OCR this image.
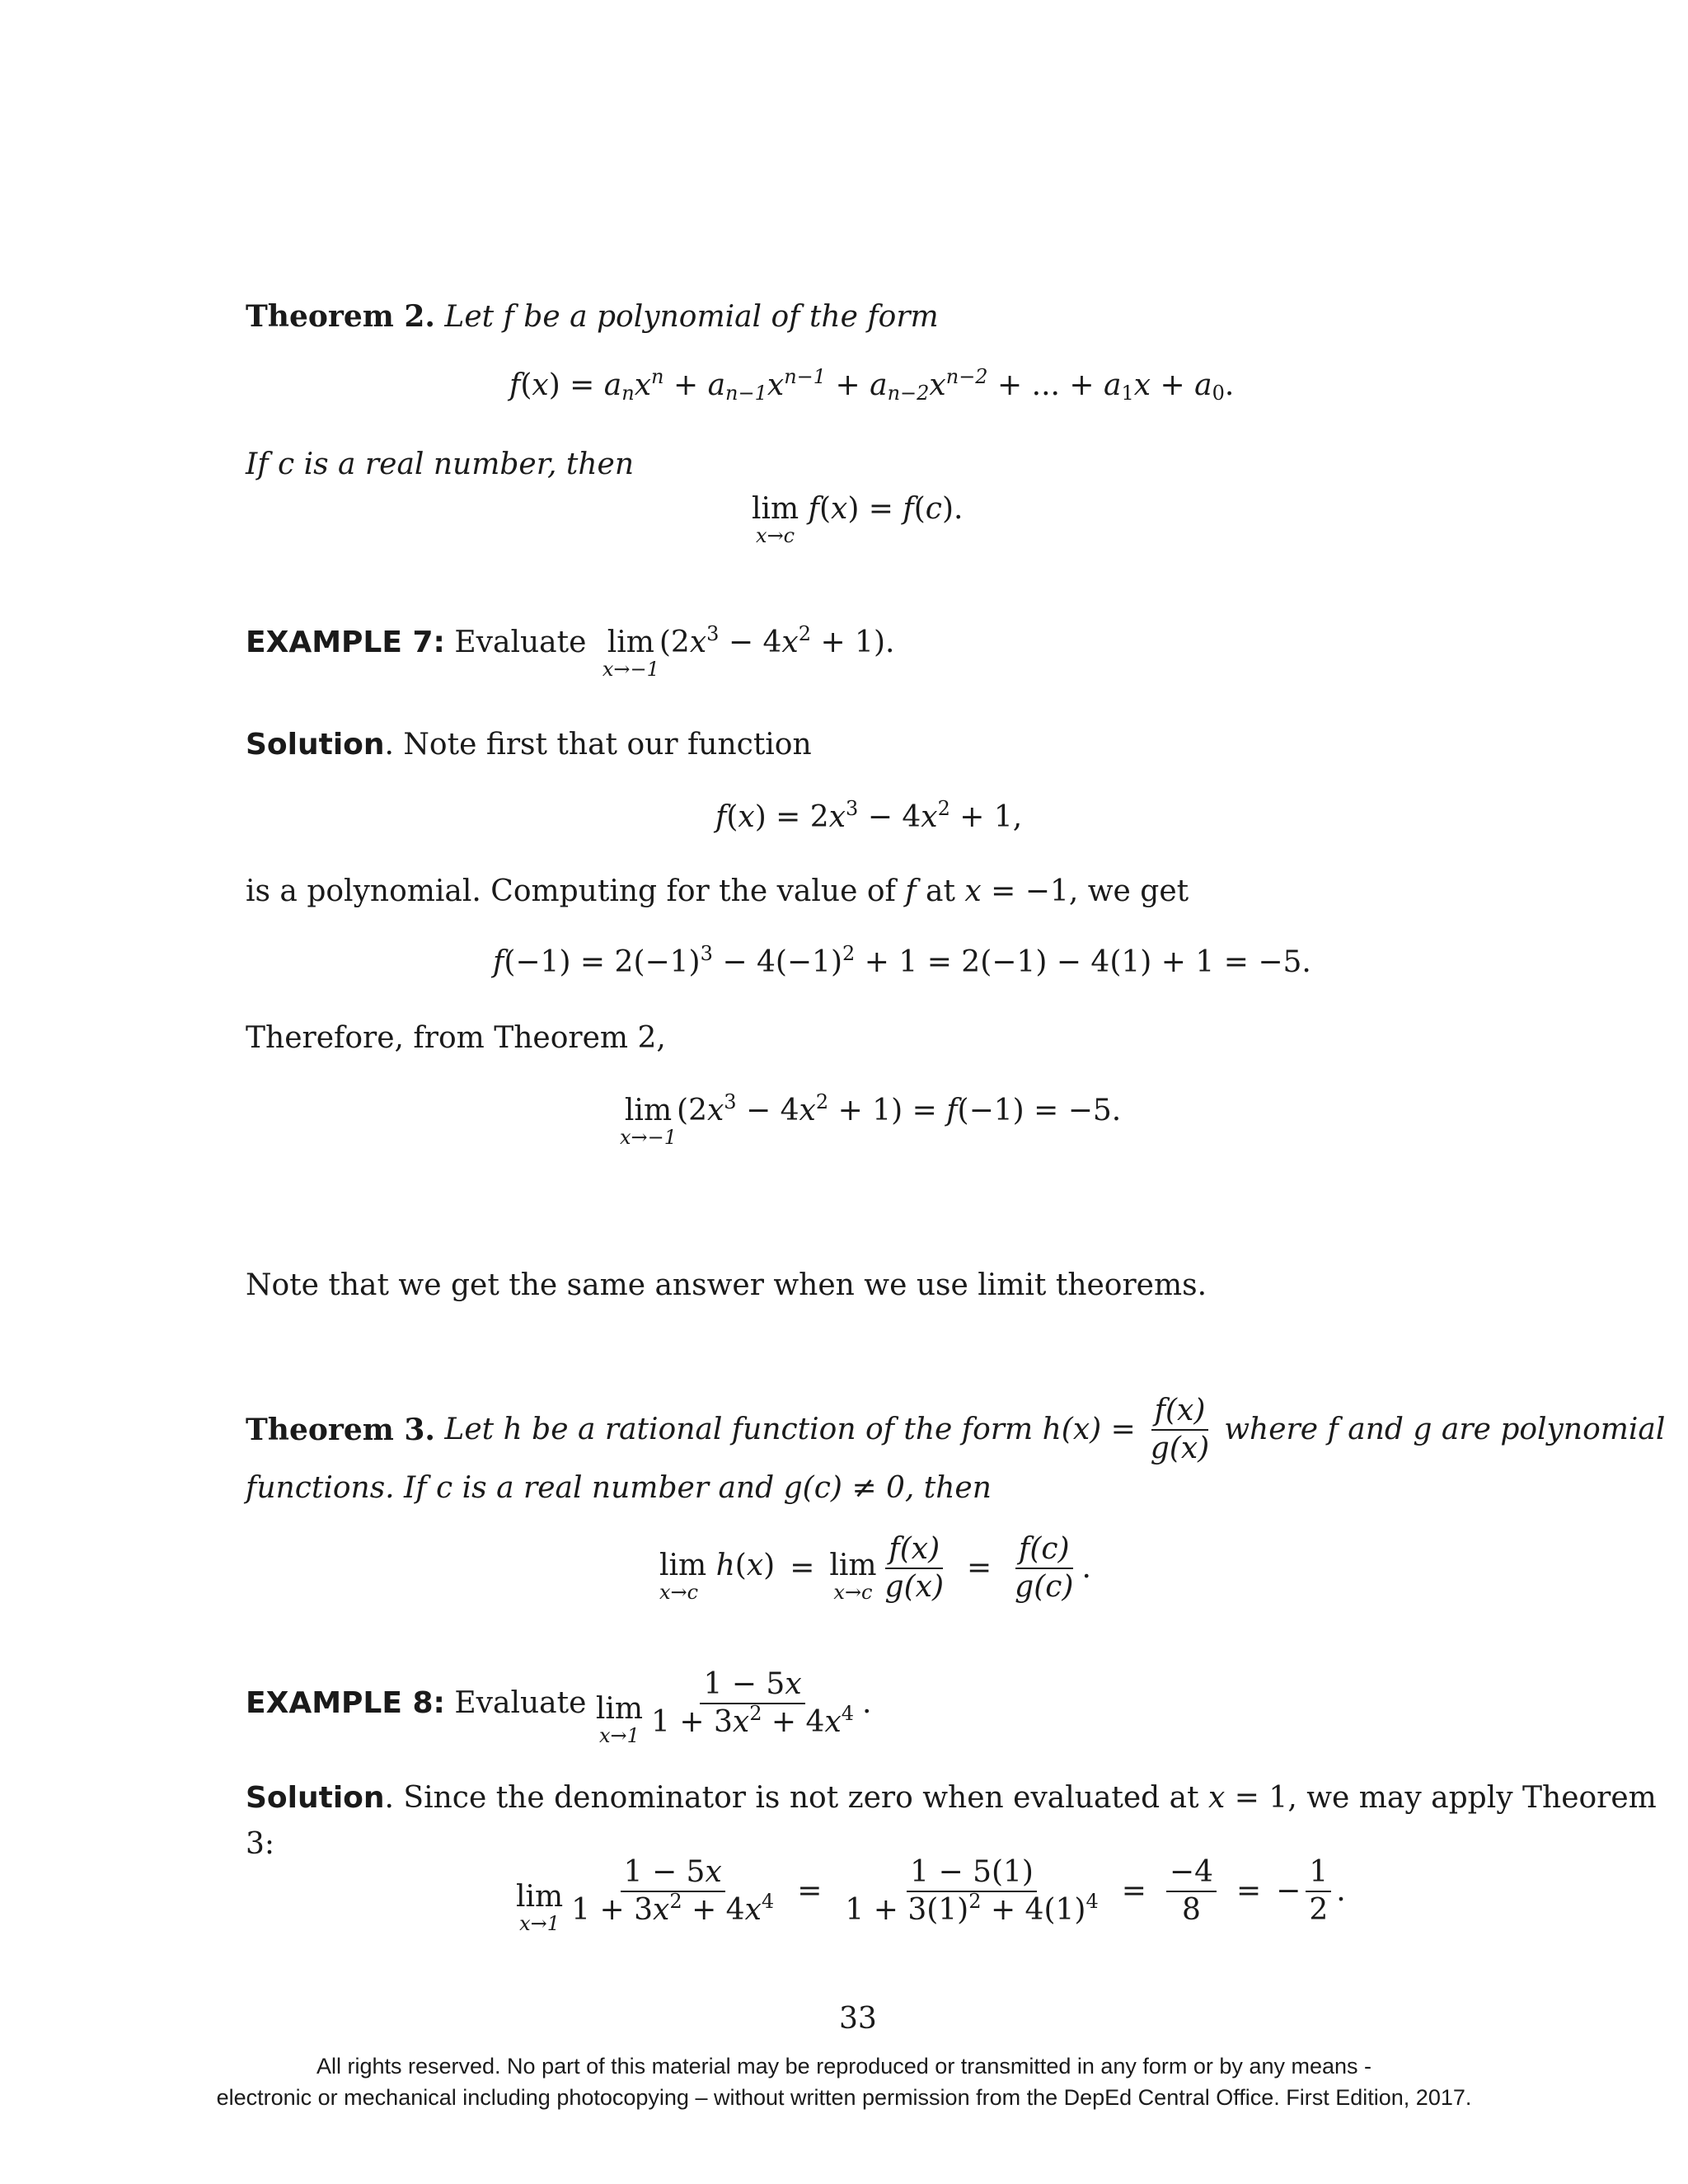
Theorem 2. Let f be a polynomial of the form
$f(x) = a_nx^n + a_{n-1}x^{n-1} + a_{n-2}x^{n-2}$ + ... + $a_1x + a_0$.
If c is a real number, then
lim
x→c
f(x) = f(c).
EXAMPLE 7: Evaluate lim
x→−1
$(2x^3 - 4x^2 + 1)$.
Solution. Note first that our function
$f(x) = 2x^3 - 4x^2 + 1$,
is a polynomial. Computing for the value of f at x = −1, we get
$f(-1) = 2(-1)^3 - 4(-1)^2 + 1 = 2(-1) - 4(1) + 1 = -5$.
Therefore, from Theorem 2,
lim
x→−1
$(2x^3 - 4x^2 + 1) = f(-1) = -5$.
Note that we get the same answer when we use limit theorems.
Theorem 3.
Let h be a rational function of the form $h(x) = \frac{f(x)}{g(x)}$ where f and g are polynomial
functions. If c is a real number and g(c) ≠ 0, then
lim h(x)
x→c
= lim
$x\to c \frac{f(x)}{g(x)} = \frac{f(c)}{g(c)}$ .
EXAMPLE 8:
Evaluate
lim
$x\to 1 \frac{1 - 5x}{1 + 3x^2 + 4x^4}$ .
Solution. Since the denominator is not zero when evaluated at x = 1, we may apply Theorem
3:
lim
$x\to 1 \frac{1 - 5x}{1 + 3x^2 + 4x^4} = \frac{1 - 5(1)}{1 + 3(1)^2 + 4(1)^4} = \frac{-4}{8}$ = − $\frac{1}{2}$ .
33
All rights reserved. No part of this material may be reproduced or transmitted in any form or by any means -
electronic or mechanical including photocopying – without written permission from the DepEd Central Office. First Edition, 2017.
